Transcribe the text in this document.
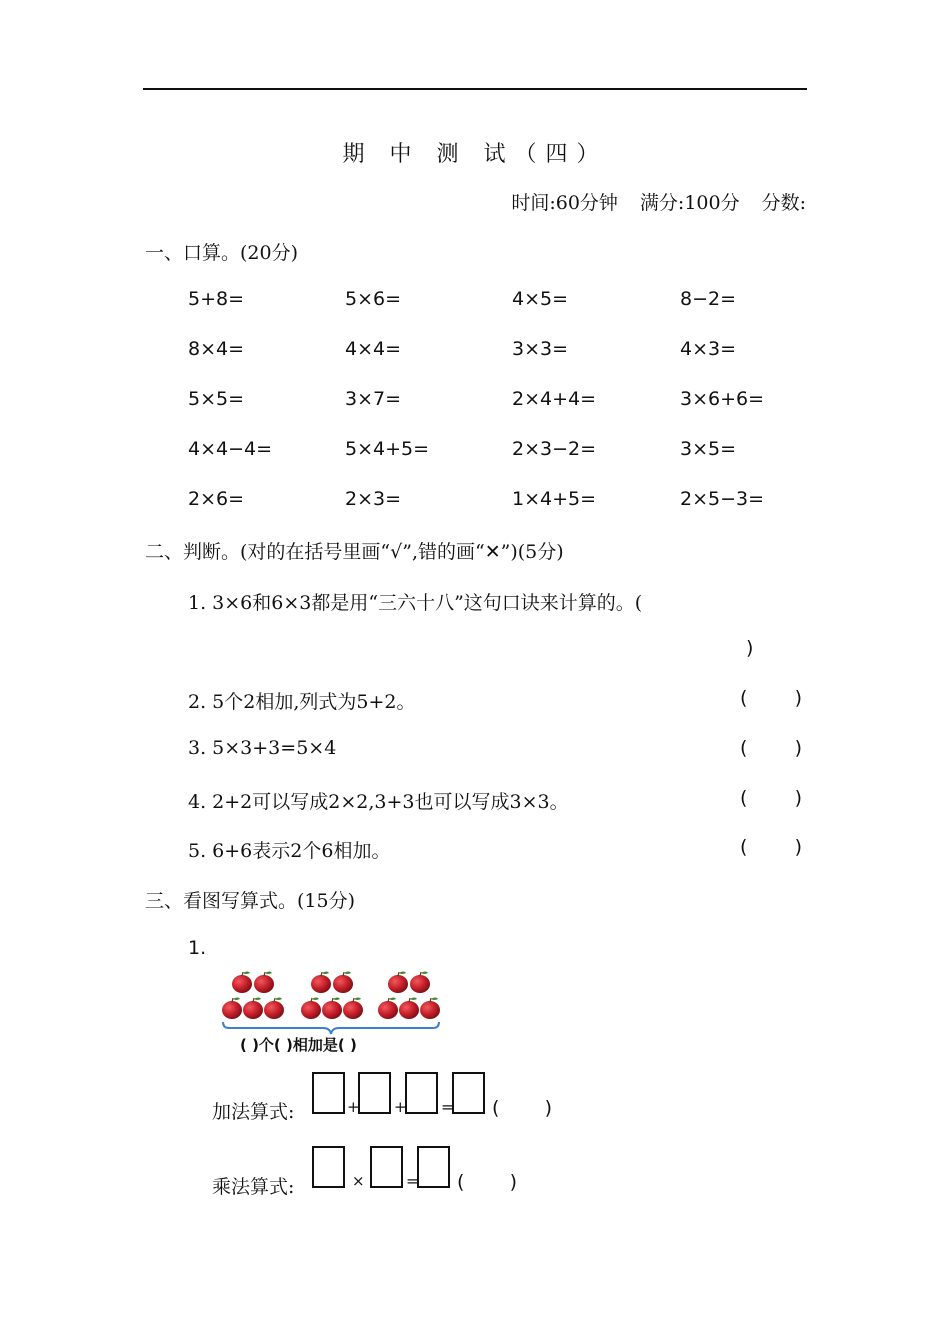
期 中 测 试（四）
时间:60分钟 满分:100分 分数:
一、口算。(20分)
5+8=	5×6=	4×5=	8−2=
8×4=	4×4=	3×3=	4×3=
5×5=	3×7=	2×4+4=	3×6+6=
4×4−4=	5×4+5=	2×3−2=	3×5=
2×6=	2×3=	1×4+5=	2×5−3=
二、判断。(对的在括号里画“√”,错的画“✕”)(5分)
1. 3×6和6×3都是用“三六十八”这句口诀来计算的。(
)
2. 5个2相加,列式为5+2。	( )
3. 5×3+3=5×4	( )
4. 2+2可以写成2×2,3+3也可以写成3×3。	( )
5. 6+6表示2个6相加。	( )
三、看图写算式。(15分)
1.
( )个( )相加是( )
加法算式:	+ + = ( )
乘法算式:	×	= ( )
